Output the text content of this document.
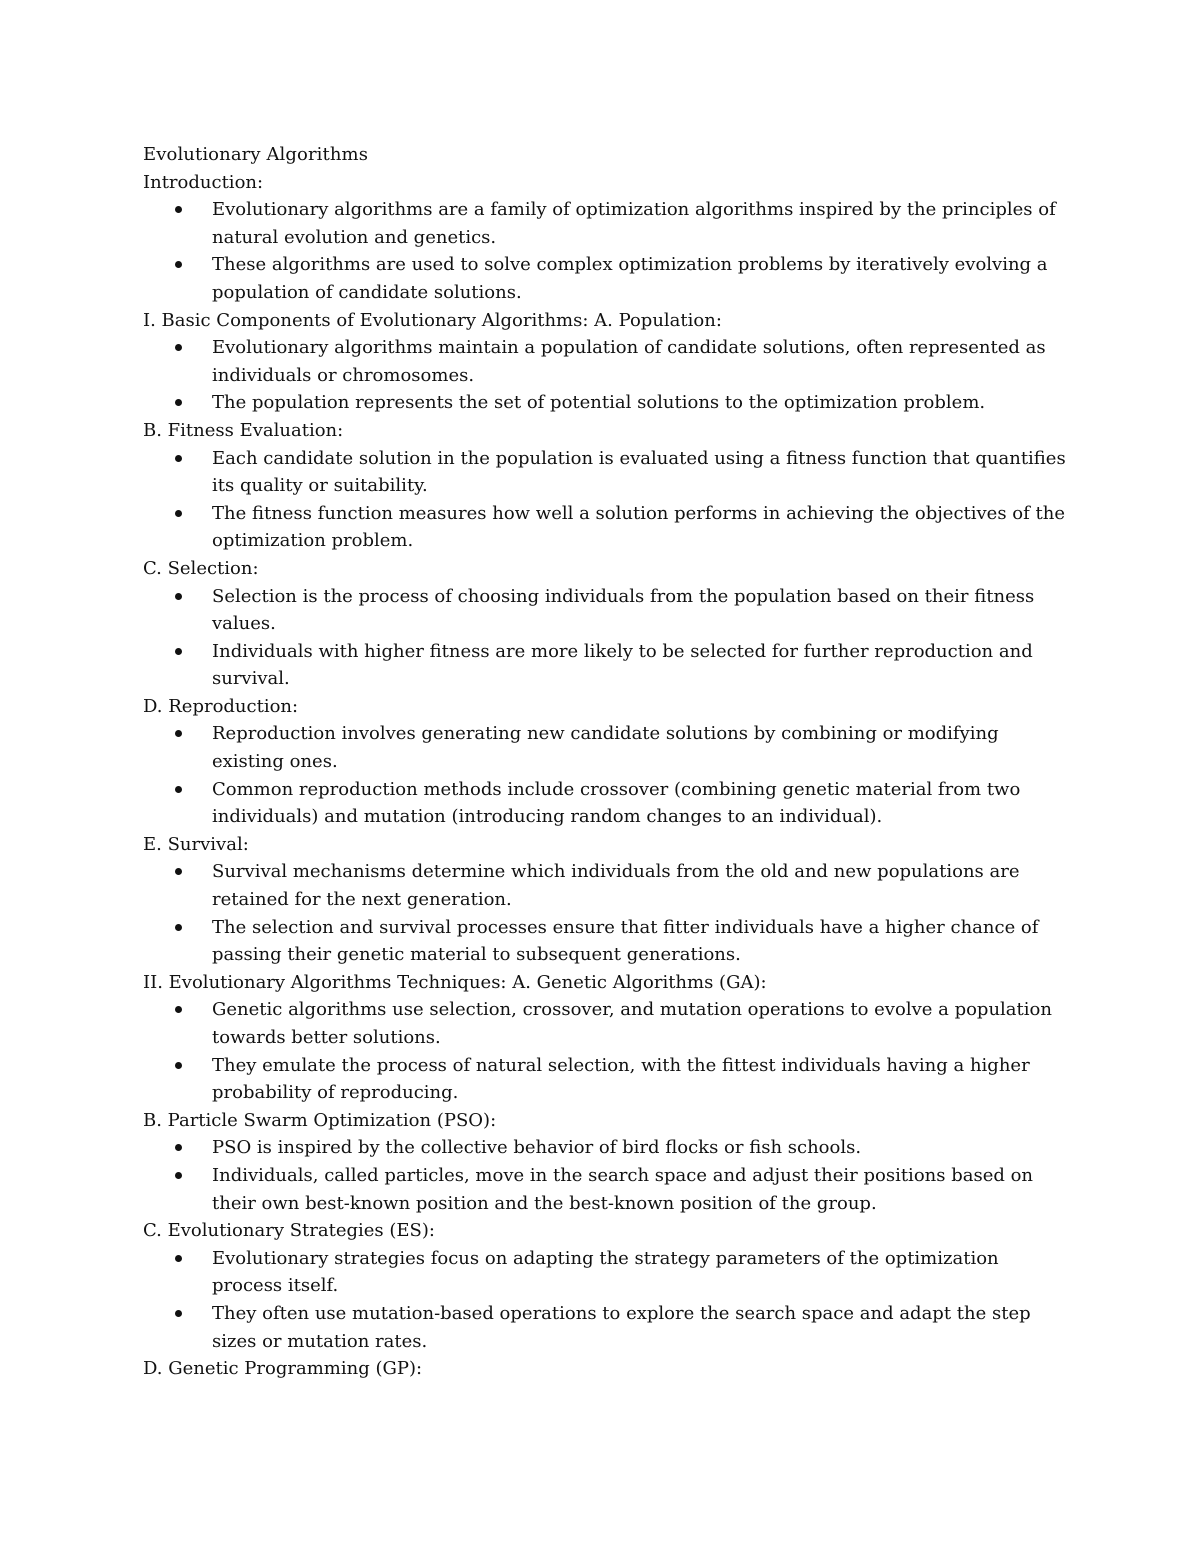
Evolutionary Algorithms

Introduction:

Evolutionary algorithms are a family of optimization algorithms inspired by the principles of natural evolution and genetics.
These algorithms are used to solve complex optimization problems by iteratively evolving a population of candidate solutions.

I. Basic Components of Evolutionary Algorithms: A. Population:

Evolutionary algorithms maintain a population of candidate solutions, often represented as individuals or chromosomes.
The population represents the set of potential solutions to the optimization problem.

B. Fitness Evaluation:

Each candidate solution in the population is evaluated using a fitness function that quantifies its quality or suitability.
The fitness function measures how well a solution performs in achieving the objectives of the optimization problem.

C. Selection:

Selection is the process of choosing individuals from the population based on their fitness values.
Individuals with higher fitness are more likely to be selected for further reproduction and survival.

D. Reproduction:

Reproduction involves generating new candidate solutions by combining or modifying existing ones.
Common reproduction methods include crossover (combining genetic material from two individuals) and mutation (introducing random changes to an individual).

E. Survival:

Survival mechanisms determine which individuals from the old and new populations are retained for the next generation.
The selection and survival processes ensure that fitter individuals have a higher chance of passing their genetic material to subsequent generations.

II. Evolutionary Algorithms Techniques: A. Genetic Algorithms (GA):

Genetic algorithms use selection, crossover, and mutation operations to evolve a population towards better solutions.
They emulate the process of natural selection, with the fittest individuals having a higher probability of reproducing.

B. Particle Swarm Optimization (PSO):

PSO is inspired by the collective behavior of bird flocks or fish schools.
Individuals, called particles, move in the search space and adjust their positions based on their own best-known position and the best-known position of the group.

C. Evolutionary Strategies (ES):

Evolutionary strategies focus on adapting the strategy parameters of the optimization process itself.
They often use mutation-based operations to explore the search space and adapt the step sizes or mutation rates.

D. Genetic Programming (GP):
